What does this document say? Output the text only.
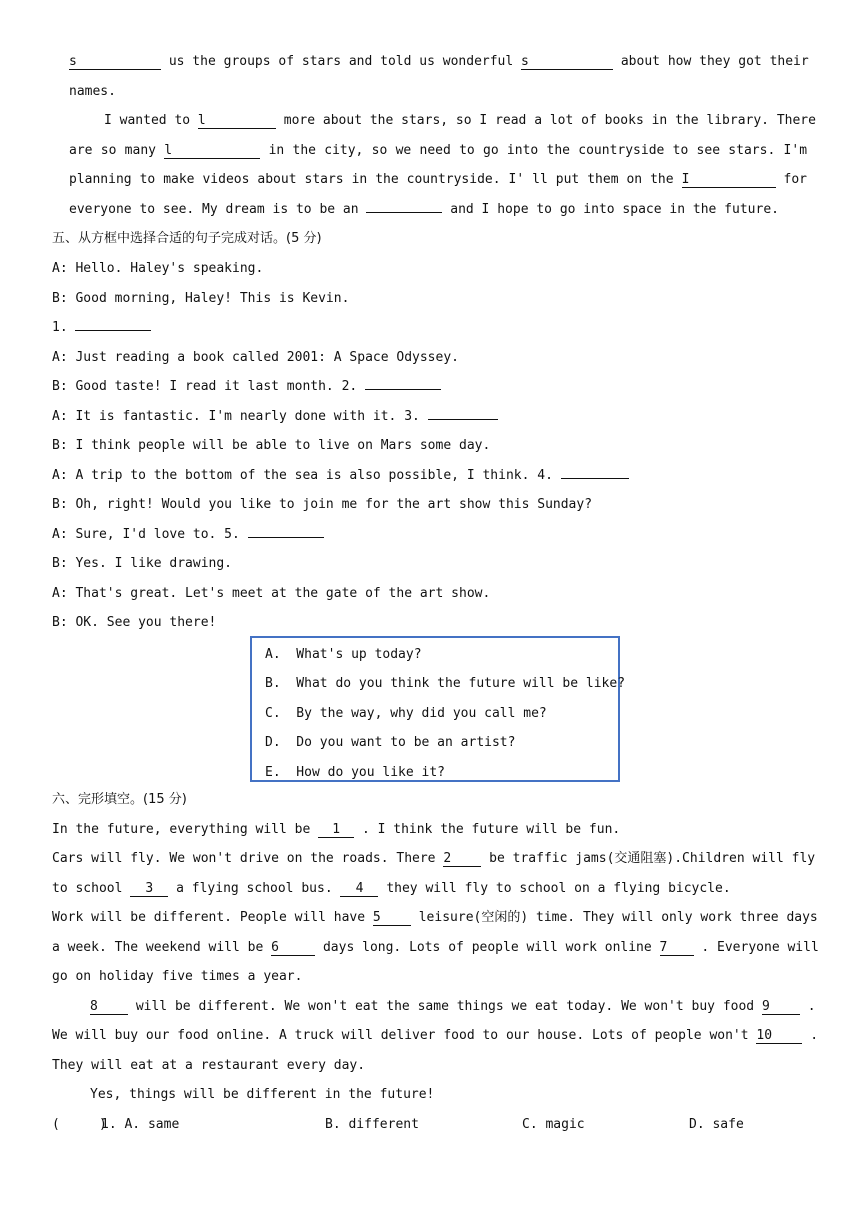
s	us the groups of stars and told us wonderful s	about how they got their
names.
I wanted to l	more about the stars, so I read a lot of books in the library. There
are so many l	in the city, so we need to go into the countryside to see stars. I'm
planning to make videos about stars in the countryside. I' ll put them on the I	for
everyone to see. My dream is to be an	and I hope to go into space in the future.
五、从方框中选择合适的句子完成对话。(5 分)
A: Hello. Haley's speaking.
B: Good morning, Haley! This is Kevin.
1.
A: Just reading a book called 2001: A Space Odyssey.
B: Good taste! I read it last month. 2.
A: It is fantastic. I'm nearly done with it. 3.
B: I think people will be able to live on Mars some day.
A: A trip to the bottom of the sea is also possible, I think. 4.
B: Oh, right! Would you like to join me for the art show this Sunday?
A: Sure, I'd love to. 5.
B: Yes. I like drawing.
A: That's great. Let's meet at the gate of the art show.
B: OK. See you there!
A.  What's up today?
B.  What do you think the future will be like?
C.  By the way, why did you call me?
D.  Do you want to be an artist?
E.  How do you like it?
六、完形填空。(15 分)
In the future, everything will be 1 . I think the future will be fun.
Cars will fly. We won't drive on the roads. There 2	be traffic jams(交通阻塞).Children will fly
to school 3 a flying school bus. 4 they will fly to school on a flying bicycle.
Work will be different. People will have 5	leisure(空闲的) time. They will only work three days
a week. The weekend will be 6	days long. Lots of people will work online 7	. Everyone will
go on holiday five times a year.
8	will be different. We won't eat the same things we eat today. We won't buy food 9	.
We will buy our food online. A truck will deliver food to our house. Lots of people won't 10	.
They will eat at a restaurant every day.
Yes, things will be different in the future!
(     )
1. A. same	B. different	C. magic	D. safe
